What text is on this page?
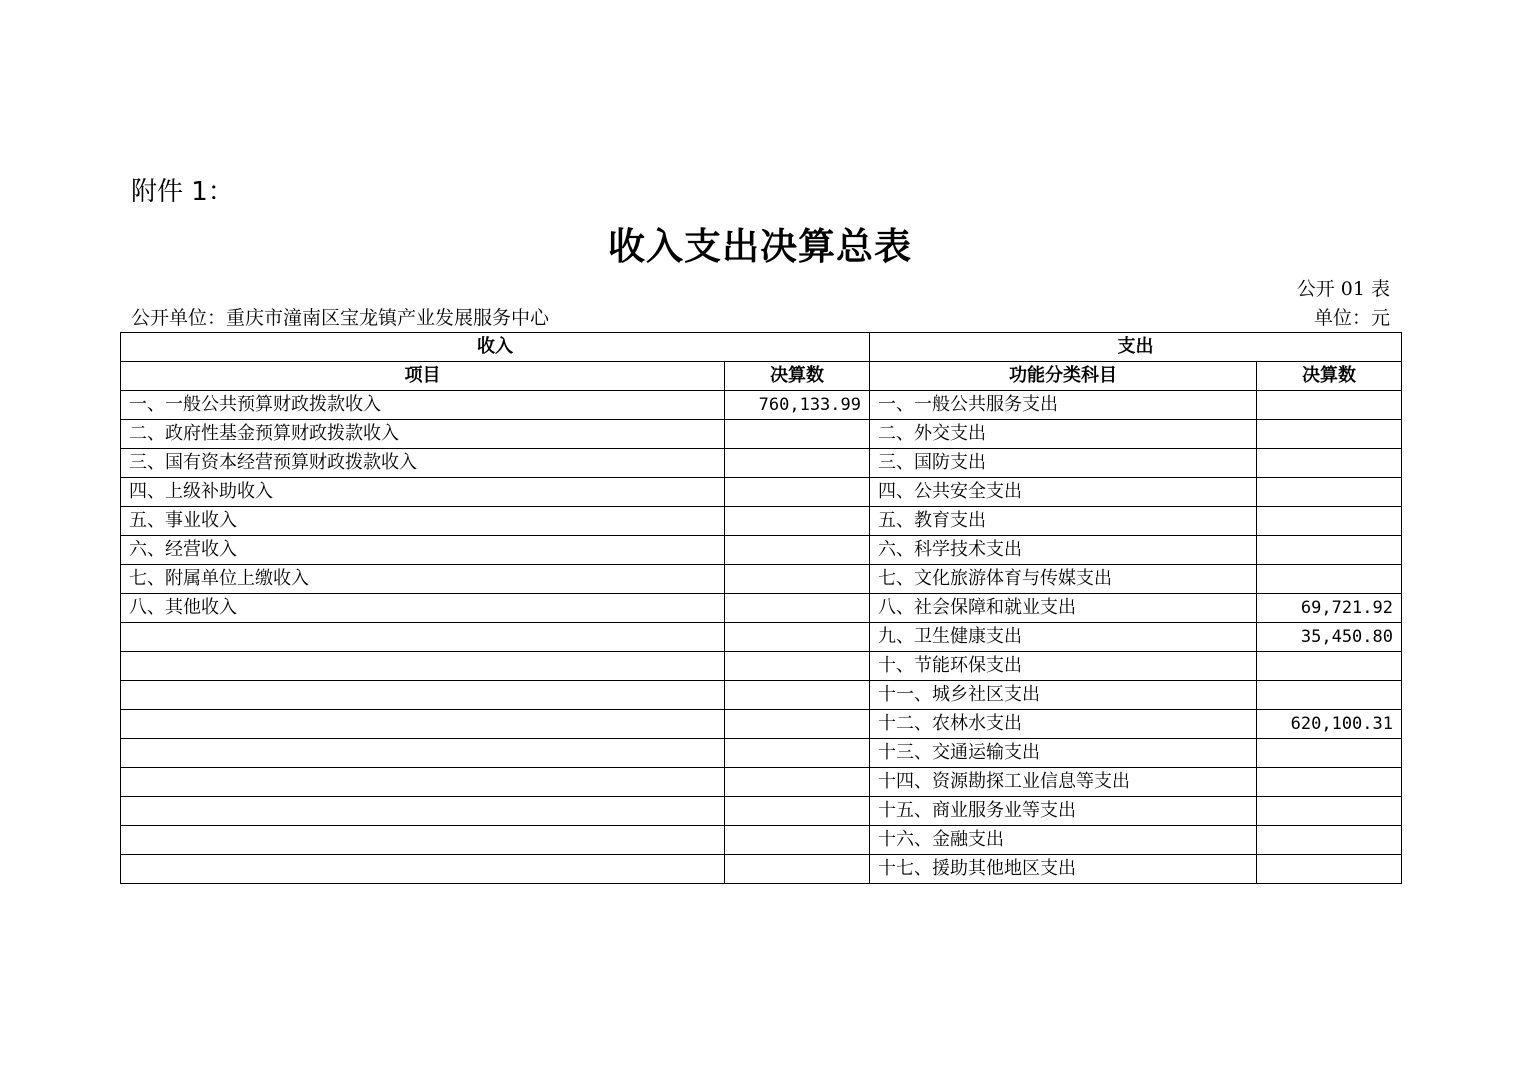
附件 1：
收入支出决算总表
公开 01 表
公开单位：重庆市潼南区宝龙镇产业发展服务中心	单位：元
收入		支出	
项目	决算数	功能分类科目	决算数
一、一般公共预算财政拨款收入	760,133.99	一、一般公共服务支出	
二、政府性基金预算财政拨款收入		二、外交支出	
三、国有资本经营预算财政拨款收入		三、国防支出	
四、上级补助收入		四、公共安全支出	
五、事业收入		五、教育支出	
六、经营收入		六、科学技术支出	
七、附属单位上缴收入		七、文化旅游体育与传媒支出	
八、其他收入		八、社会保障和就业支出	69,721.92
		九、卫生健康支出	35,450.80
		十、节能环保支出	
		十一、城乡社区支出	
		十二、农林水支出	620,100.31
		十三、交通运输支出	
		十四、资源勘探工业信息等支出	
		十五、商业服务业等支出	
		十六、金融支出	
		十七、援助其他地区支出	
